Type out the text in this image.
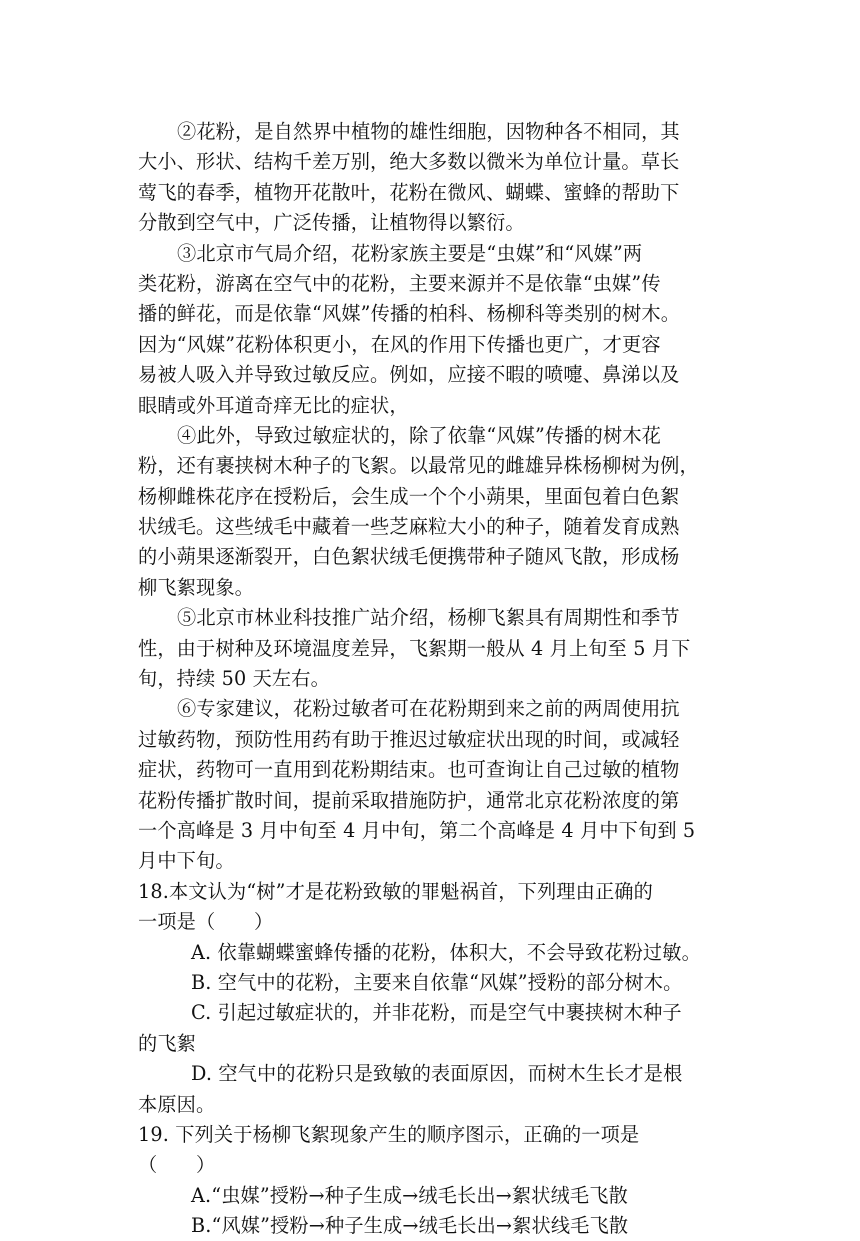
②花粉，是自然界中植物的雄性细胞，因物种各不相同，其
大小、形状、结构千差万别，绝大多数以微米为单位计量。草长
莺飞的春季，植物开花散叶，花粉在微风、蝴蝶、蜜蜂的帮助下
分散到空气中，广泛传播，让植物得以繁衍。
③北京市气局介绍，花粉家族主要是“虫媒”和“风媒”两
类花粉，游离在空气中的花粉，主要来源并不是依靠“虫媒”传
播的鲜花，而是依靠“风媒”传播的柏科、杨柳科等类别的树木。
因为“风媒”花粉体积更小，在风的作用下传播也更广，才更容
易被人吸入并导致过敏反应。例如，应接不暇的喷嚏、鼻涕以及
眼睛或外耳道奇痒无比的症状，
④此外，导致过敏症状的，除了依靠“风媒”传播的树木花
粉，还有裹挟树木种子的飞絮。以最常见的雌雄异株杨柳树为例，
杨柳雌株花序在授粉后，会生成一个个小蒴果，里面包着白色絮
状绒毛。这些绒毛中藏着一些芝麻粒大小的种子，随着发育成熟
的小蒴果逐渐裂开，白色絮状绒毛便携带种子随风飞散，形成杨
柳飞絮现象。
⑤北京市林业科技推广站介绍，杨柳飞絮具有周期性和季节
性，由于树种及环境温度差异，飞絮期一般从 4 月上旬至 5 月下
旬，持续 50 天左右。
⑥专家建议，花粉过敏者可在花粉期到来之前的两周使用抗
过敏药物，预防性用药有助于推迟过敏症状出现的时间，或减轻
症状，药物可一直用到花粉期结束。也可查询让自己过敏的植物
花粉传播扩散时间，提前采取措施防护，通常北京花粉浓度的第
一个高峰是 3 月中旬至 4 月中旬，第二个高峰是 4 月中下旬到 5
月中下旬。
18.本文认为“树”才是花粉致敏的罪魁祸首，下列理由正确的
一项是（　　）
A. 依靠蝴蝶蜜蜂传播的花粉，体积大，不会导致花粉过敏。
B. 空气中的花粉，主要来自依靠“风媒”授粉的部分树木。
C. 引起过敏症状的，并非花粉，而是空气中裹挟树木种子
的飞絮
D. 空气中的花粉只是致敏的表面原因，而树木生长才是根
本原因。
19. 下列关于杨柳飞絮现象产生的顺序图示，正确的一项是
（　　）
A.“虫媒”授粉→种子生成→绒毛长出→絮状绒毛飞散
B.“风媒”授粉→种子生成→绒毛长出→絮状线毛飞散
